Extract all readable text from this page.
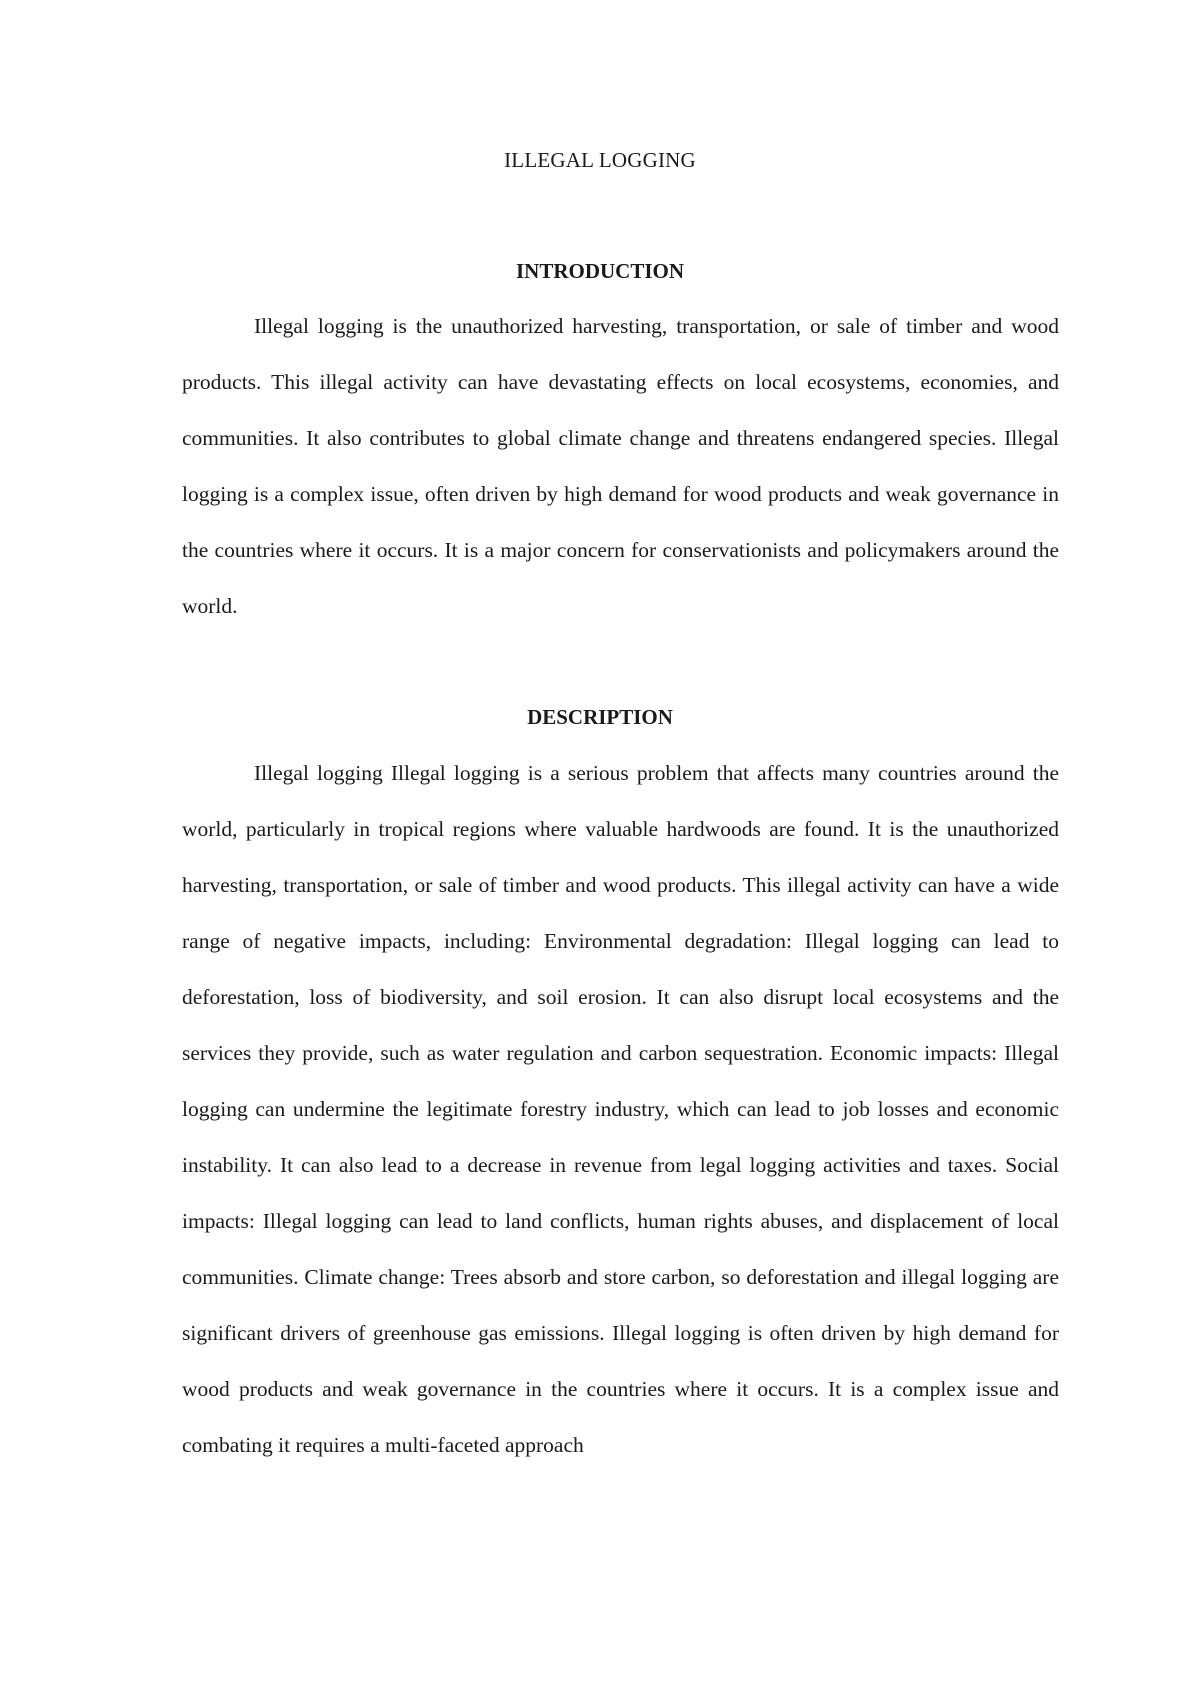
ILLEGAL LOGGING
INTRODUCTION

Illegal logging is the unauthorized harvesting, transportation, or sale of timber and wood products. This illegal activity can have devastating effects on local ecosystems, economies, and communities. It also contributes to global climate change and threatens endangered species. Illegal logging is a complex issue, often driven by high demand for wood products and weak governance in the countries where it occurs. It is a major concern for conservationists and policymakers around the world.

DESCRIPTION

Illegal logging Illegal logging is a serious problem that affects many countries around the world, particularly in tropical regions where valuable hardwoods are found. It is the unauthorized harvesting, transportation, or sale of timber and wood products. This illegal activity can have a wide range of negative impacts, including: Environmental degradation: Illegal logging can lead to deforestation, loss of biodiversity, and soil erosion. It can also disrupt local ecosystems and the services they provide, such as water regulation and carbon sequestration. Economic impacts: Illegal logging can undermine the legitimate forestry industry, which can lead to job losses and economic instability. It can also lead to a decrease in revenue from legal logging activities and taxes. Social impacts: Illegal logging can lead to land conflicts, human rights abuses, and displacement of local communities. Climate change: Trees absorb and store carbon, so deforestation and illegal logging are significant drivers of greenhouse gas emissions. Illegal logging is often driven by high demand for wood products and weak governance in the countries where it occurs. It is a complex issue and combating it requires a multi-faceted approach
